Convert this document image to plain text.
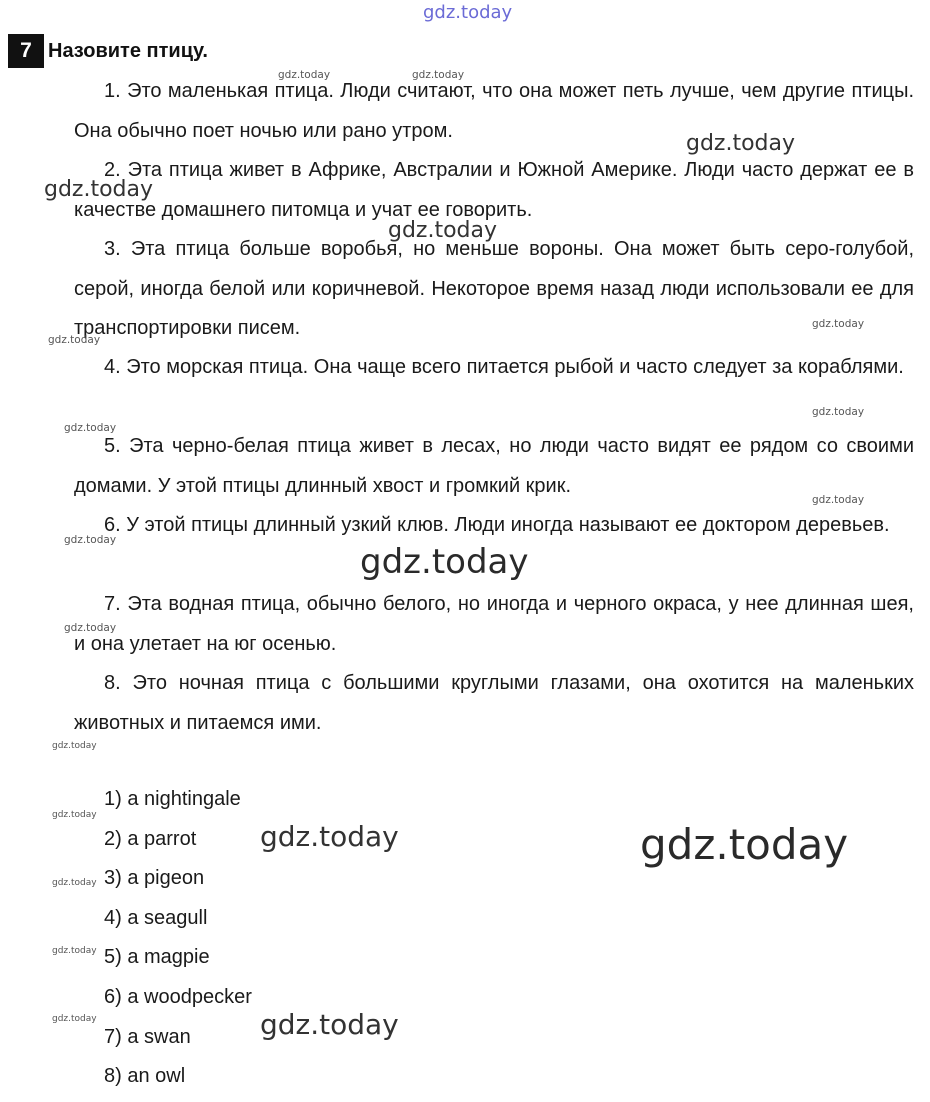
gdz.today
7 Назовите птицу.
1. Это маленькая птица. Люди считают, что она может петь лучше, чем другие птицы. Она обычно поет ночью или рано утром.
2. Эта птица живет в Африке, Австралии и Южной Америке. Люди часто держат ее в качестве домашнего питомца и учат ее говорить.
3. Эта птица больше воробья, но меньше вороны. Она может быть серо-голубой, серой, иногда белой или коричневой. Некоторое время назад люди использовали ее для транспортировки писем.
4. Это морская птица. Она чаще всего питается рыбой и часто следует за кораблями.
5. Эта черно-белая птица живет в лесах, но люди часто видят ее рядом со своими домами. У этой птицы длинный хвост и громкий крик.
6. У этой птицы длинный узкий клюв. Люди иногда называют ее доктором деревьев.
7. Эта водная птица, обычно белого, но иногда и черного окраса, у нее длинная шея, и она улетает на юг осенью.
8. Это ночная птица с большими круглыми глазами, она охотится на маленьких животных и питаемся ими.
1) a nightingale
2) a parrot
3) a pigeon
4) a seagull
5) a magpie
6) a woodpecker
7) a swan
8) an owl
gdz.today	gdz.today
gdz.today
gdz.today
gdz.today
gdz.today
gdz.today
gdz.today
gdz.today
gdz.today
gdz.today
gdz.today
gdz.today
gdz.today
gdz.today
gdz.today	gdz.today
gdz.today
gdz.today
gdz.today	gdz.today
